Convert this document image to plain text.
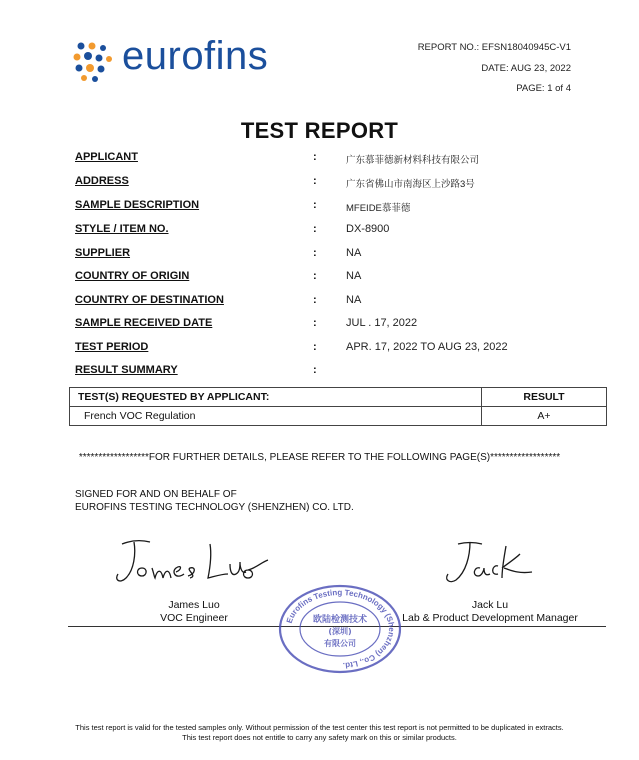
eurofins	REPORT NO.: EFSN18040945C-V1
DATE: AUG 23, 2022
PAGE: 1 of 4
TEST REPORT
APPLICANT	:	广东慕菲德新材料科技有限公司
ADDRESS	:	广东省佛山市南海区上沙路3号
SAMPLE DESCRIPTION	:	MFEIDE慕菲德
STYLE / ITEM NO.	:	DX-8900
SUPPLIER	:	NA
COUNTRY OF ORIGIN	:	NA
COUNTRY OF DESTINATION	:	NA
SAMPLE RECEIVED DATE	:	JUL . 17, 2022
TEST PERIOD	:	APR. 17, 2022 TO AUG 23, 2022
RESULT SUMMARY	:
TEST(S) REQUESTED BY APPLICANT:	RESULT
French VOC Regulation	A+
******************FOR FURTHER DETAILS, PLEASE REFER TO THE FOLLOWING PAGE(S)******************
SIGNED FOR AND ON BEHALF OF
EUROFINS TESTING TECHNOLOGY (SHENZHEN) CO. LTD.
James Luo
VOC Engineer
Jack Lu
Lab & Product Development Manager
Eurofins Testing Technology (Shenzhen) Co., Ltd.
欧陆检测技术
(深圳)
有限公司
This test report is valid for the tested samples only. Without permission of the test center this test report is not permitted to be duplicated in extracts.
This test report does not entitle to carry any safety mark on this or similar products.
